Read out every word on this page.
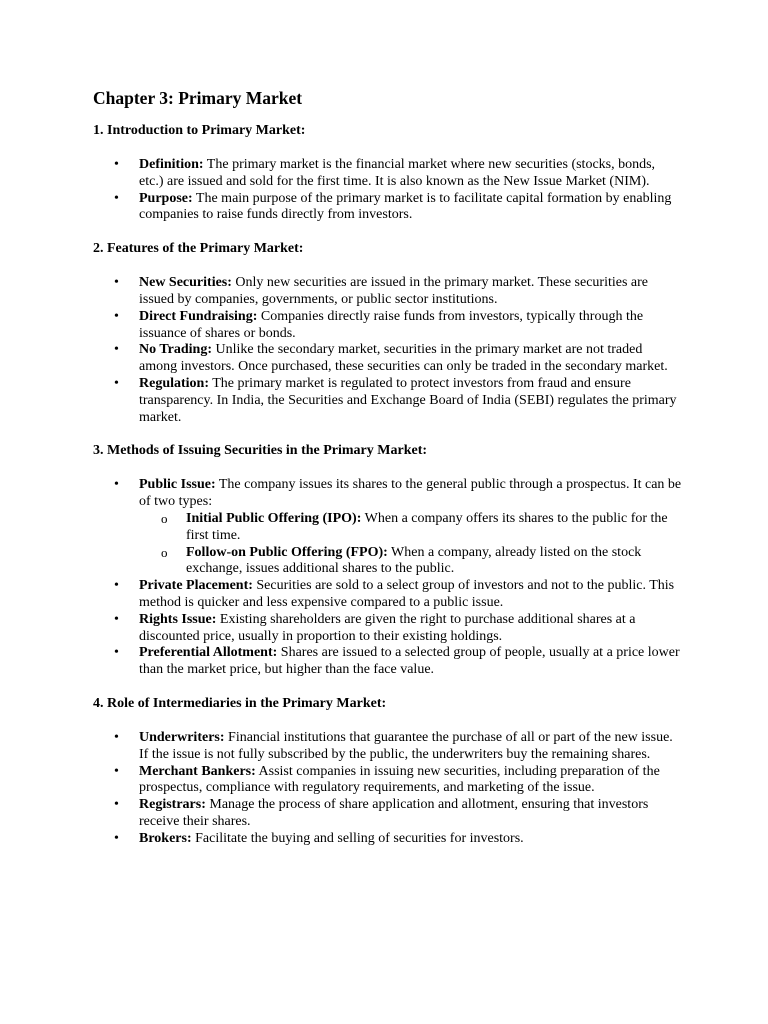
Chapter 3: Primary Market
1. Introduction to Primary Market:
• Definition: The primary market is the financial market where new securities (stocks, bonds, etc.) are issued and sold for the first time. It is also known as the New Issue Market (NIM).
• Purpose: The main purpose of the primary market is to facilitate capital formation by enabling companies to raise funds directly from investors.
2. Features of the Primary Market:
• New Securities: Only new securities are issued in the primary market. These securities are issued by companies, governments, or public sector institutions.
• Direct Fundraising: Companies directly raise funds from investors, typically through the issuance of shares or bonds.
• No Trading: Unlike the secondary market, securities in the primary market are not traded among investors. Once purchased, these securities can only be traded in the secondary market.
• Regulation: The primary market is regulated to protect investors from fraud and ensure transparency. In India, the Securities and Exchange Board of India (SEBI) regulates the primary market.
3. Methods of Issuing Securities in the Primary Market:
• Public Issue: The company issues its shares to the general public through a prospectus. It can be of two types:
o Initial Public Offering (IPO): When a company offers its shares to the public for the first time.
o Follow-on Public Offering (FPO): When a company, already listed on the stock exchange, issues additional shares to the public.
• Private Placement: Securities are sold to a select group of investors and not to the public. This method is quicker and less expensive compared to a public issue.
• Rights Issue: Existing shareholders are given the right to purchase additional shares at a discounted price, usually in proportion to their existing holdings.
• Preferential Allotment: Shares are issued to a selected group of people, usually at a price lower than the market price, but higher than the face value.
4. Role of Intermediaries in the Primary Market:
• Underwriters: Financial institutions that guarantee the purchase of all or part of the new issue. If the issue is not fully subscribed by the public, the underwriters buy the remaining shares.
• Merchant Bankers: Assist companies in issuing new securities, including preparation of the prospectus, compliance with regulatory requirements, and marketing of the issue.
• Registrars: Manage the process of share application and allotment, ensuring that investors receive their shares.
• Brokers: Facilitate the buying and selling of securities for investors.
